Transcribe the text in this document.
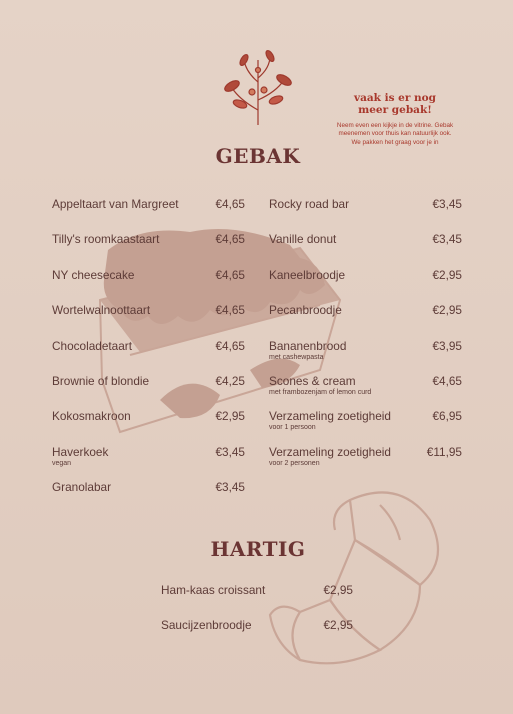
vaak is er nog meer gebak!
Neem even een kijkje in de vitrine. Gebak meenemen voor thuis kan natuurlijk ook. We pakken het graag voor je in
GEBAK
HARTIG
Appeltaart van Margreet	€4,65
Tilly's roomkaastaart	€4,65
NY cheesecake	€4,65
Wortelwalnoottaart	€4,65
Chocoladetaart	€4,65
Brownie of blondie	€4,25
Kokosmakroon	€2,95
Haverkoek	€3,45
vegan
Granolabar	€3,45
Rocky road bar	€3,45
Vanille donut	€3,45
Kaneelbroodje	€2,95
Pecanbroodje	€2,95
Bananenbrood	€3,95
met cashewpasta
Scones & cream	€4,65
met frambozenjam of lemon curd
Verzameling zoetigheid	€6,95
voor 1 persoon
Verzameling zoetigheid	€11,95
voor 2 personen
Ham-kaas croissant	€2,95
Saucijzenbroodje	€2,95
